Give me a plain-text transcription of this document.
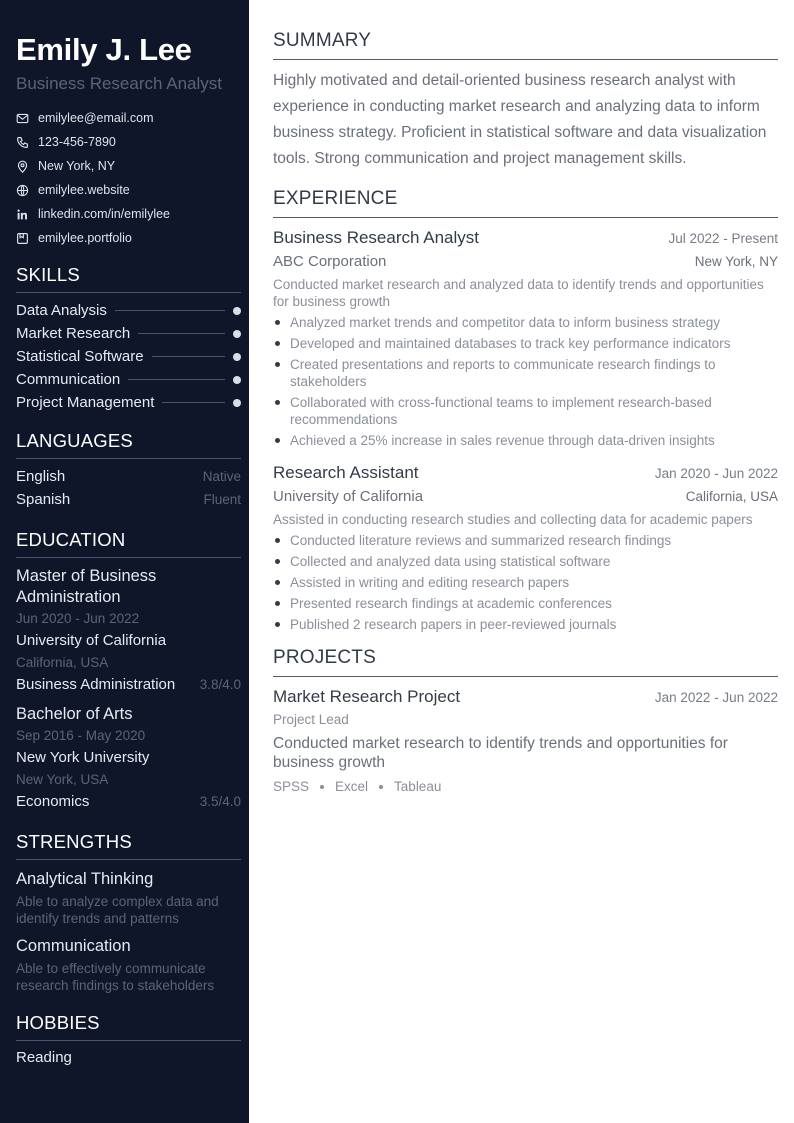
Emily J. Lee
Business Research Analyst
emilylee@email.com
123-456-7890
New York, NY
emilylee.website
linkedin.com/in/emilylee
emilylee.portfolio
SKILLS
Data Analysis
Market Research
Statistical Software
Communication
Project Management
LANGUAGES
English	Native
Spanish	Fluent
EDUCATION
Master of Business Administration
Jun 2020 - Jun 2022
University of California
California, USA
Business Administration 3.8/4.0
Bachelor of Arts
Sep 2016 - May 2020
New York University
New York, USA
Economics	3.5/4.0
STRENGTHS
Analytical Thinking
Able to analyze complex data and identify trends and patterns
Communication
Able to effectively communicate research findings to stakeholders
HOBBIES
Reading
SUMMARY
Highly motivated and detail-oriented business research analyst with experience in conducting market research and analyzing data to inform business strategy. Proficient in statistical software and data visualization tools. Strong communication and project management skills.
EXPERIENCE
Business Research Analyst	Jul 2022 - Present
ABC Corporation	New York, NY
Conducted market research and analyzed data to identify trends and opportunities for business growth
Analyzed market trends and competitor data to inform business strategy
Developed and maintained databases to track key performance indicators
Created presentations and reports to communicate research findings to stakeholders
Collaborated with cross-functional teams to implement research-based recommendations
Achieved a 25% increase in sales revenue through data-driven insights
Research Assistant	Jan 2020 - Jun 2022
University of California	California, USA
Assisted in conducting research studies and collecting data for academic papers
Conducted literature reviews and summarized research findings
Collected and analyzed data using statistical software
Assisted in writing and editing research papers
Presented research findings at academic conferences
Published 2 research papers in peer-reviewed journals
PROJECTS
Market Research Project	Jan 2022 - Jun 2022
Project Lead
Conducted market research to identify trends and opportunities for business growth
SPSS Excel Tableau
